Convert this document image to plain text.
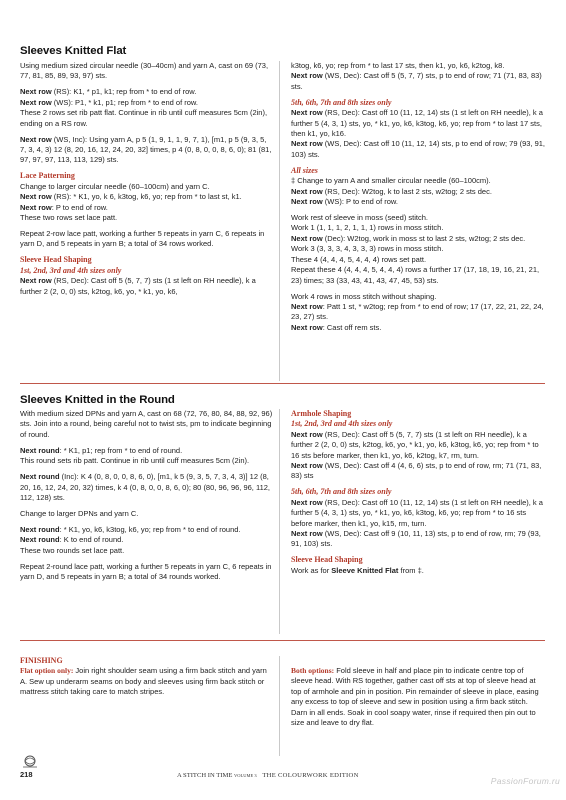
Sleeves Knitted Flat

Using medium sized circular needle (30–40cm) and yarn A, cast on 69 (73, 77, 81, 85, 89, 93, 97) sts.

Next row (RS): K1, * p1, k1; rep from * to end of row.
Next row (WS): P1, * k1, p1; rep from * to end of row.
These 2 rows set rib patt flat. Continue in rib until cuff measures 5cm (2in), ending on a RS row.

Next row (WS, Inc): Using yarn A, p 5 (1, 9, 1, 1, 9, 7, 1), [m1, p 5 (9, 3, 5, 7, 3, 4, 3) 12 (8, 20, 16, 12, 24, 20, 32] times, p 4 (0, 8, 0, 0, 8, 6, 0); 81 (81, 97, 97, 97, 113, 113, 129) sts.

Lace Patterning

Change to larger circular needle (60–100cm) and yarn C.
Next row (RS): * K1, yo, k 6, k3tog, k6, yo; rep from * to last st, k1.
Next row: P to end of row.
These two rows set lace patt.

Repeat 2-row lace patt, working a further 5 repeats in yarn C, 6 repeats in yarn D, and 5 repeats in yarn B; a total of 34 rows worked.

Sleeve Head Shaping
1st, 2nd, 3rd and 4th sizes only

Next row (RS, Dec): Cast off 5 (5, 7, 7) sts (1 st left on RH needle), k a further 2 (2, 0, 0) sts, k2tog, k6, yo, * k1, yo, k6,

k3tog, k6, yo; rep from * to last 17 sts, then k1, yo, k6, k2tog, k8.
Next row (WS, Dec): Cast off 5 (5, 7, 7) sts, p to end of row; 71 (71, 83, 83) sts.

5th, 6th, 7th and 8th sizes only

Next row (RS, Dec): Cast off 10 (11, 12, 14) sts (1 st left on RH needle), k a further 5 (4, 3, 1) sts, yo, * k1, yo, k6, k3tog, k6, yo; rep from * to last 17 sts, then k1, yo, k16.
Next row (WS, Dec): Cast off 10 (11, 12, 14) sts, p to end of row; 79 (93, 91, 103) sts.

All sizes

‡ Change to yarn A and smaller circular needle (60–100cm).
Next row (RS, Dec): W2tog, k to last 2 sts, w2tog; 2 sts dec.
Next row (WS): P to end of row.

Work rest of sleeve in moss (seed) stitch.
Work 1 (1, 1, 1, 2, 1, 1, 1) rows in moss stitch.
Next row (Dec): W2tog, work in moss st to last 2 sts, w2tog; 2 sts dec.
Work 3 (3, 3, 3, 4, 3, 3, 3) rows in moss stitch.
These 4 (4, 4, 4, 5, 4, 4, 4) rows set patt.
Repeat these 4 (4, 4, 4, 5, 4, 4, 4) rows a further 17 (17, 18, 19, 16, 21, 21, 23) times; 33 (33, 43, 41, 43, 47, 45, 53) sts.

Work 4 rows in moss stitch without shaping.
Next row: Patt 1 st, * w2tog; rep from * to end of row; 17 (17, 22, 21, 22, 24, 23, 27) sts.
Next row: Cast off rem sts.

Sleeves Knitted in the Round

With medium sized DPNs and yarn A, cast on 68 (72, 76, 80, 84, 88, 92, 96) sts. Join into a round, being careful not to twist sts, pm to indicate beginning of round.

Next round: * K1, p1; rep from * to end of round.
This round sets rib patt. Continue in rib until cuff measures 5cm (2in).

Next round (Inc): K 4 (0, 8, 0, 0, 8, 6, 0), [m1, k 5 (9, 3, 5, 7, 3, 4, 3)] 12 (8, 20, 16, 12, 24, 20, 32) times, k 4 (0, 8, 0, 0, 8, 6, 0); 80 (80, 96, 96, 96, 112, 112, 128) sts.

Change to larger DPNs and yarn C.

Next round: * K1, yo, k6, k3tog, k6, yo; rep from * to end of round.
Next round: K to end of round.
These two rounds set lace patt.

Repeat 2-round lace patt, working a further 5 repeats in yarn C, 6 repeats in yarn D, and 5 repeats in yarn B; a total of 34 rounds worked.

Armhole Shaping
1st, 2nd, 3rd and 4th sizes only

Next row (RS, Dec): Cast off 5 (5, 7, 7) sts (1 st left on RH needle), k a further 2 (2, 0, 0) sts, k2tog, k6, yo, * k1, yo, k6, k3tog, k6, yo; rep from * to 16 sts before marker, then k1, yo, k6, k2tog, k7, rm, turn.
Next row (WS, Dec): Cast off 4 (4, 6, 6) sts, p to end of row, rm; 71 (71, 83, 83) sts

5th, 6th, 7th and 8th sizes only

Next row (RS, Dec): Cast off 10 (11, 12, 14) sts (1 st left on RH needle), k a further 5 (4, 3, 1) sts, yo, * k1, yo, k6, k3tog, k6, yo; rep from * to 16 sts before marker, then k1, yo, k15, rm, turn.
Next row (WS, Dec): Cast off 9 (10, 11, 13) sts, p to end of row, rm; 79 (93, 91, 103) sts.

Sleeve Head Shaping

Work as for Sleeve Knitted Flat from ‡.

FINISHING

Flat option only: Join right shoulder seam using a firm back stitch and yarn A. Sew up underarm seams on body and sleeves using firm back stitch or mattress stitch taking care to match stripes.

Both options: Fold sleeve in half and place pin to indicate centre top of sleeve head. With RS together, gather cast off sts at top of sleeve head at top of armhole and pin in position. Pin remainder of sleeve in place, easing any excess to top of sleeve and sew in position using a firm back stitch. Darn in all ends. Soak in cool soapy water, rinse if required then pin out to size and leave to dry flat.

218	A STITCH IN TIME VOLUME 3 THE COLOURWORK EDITION
PassionForum.ru
